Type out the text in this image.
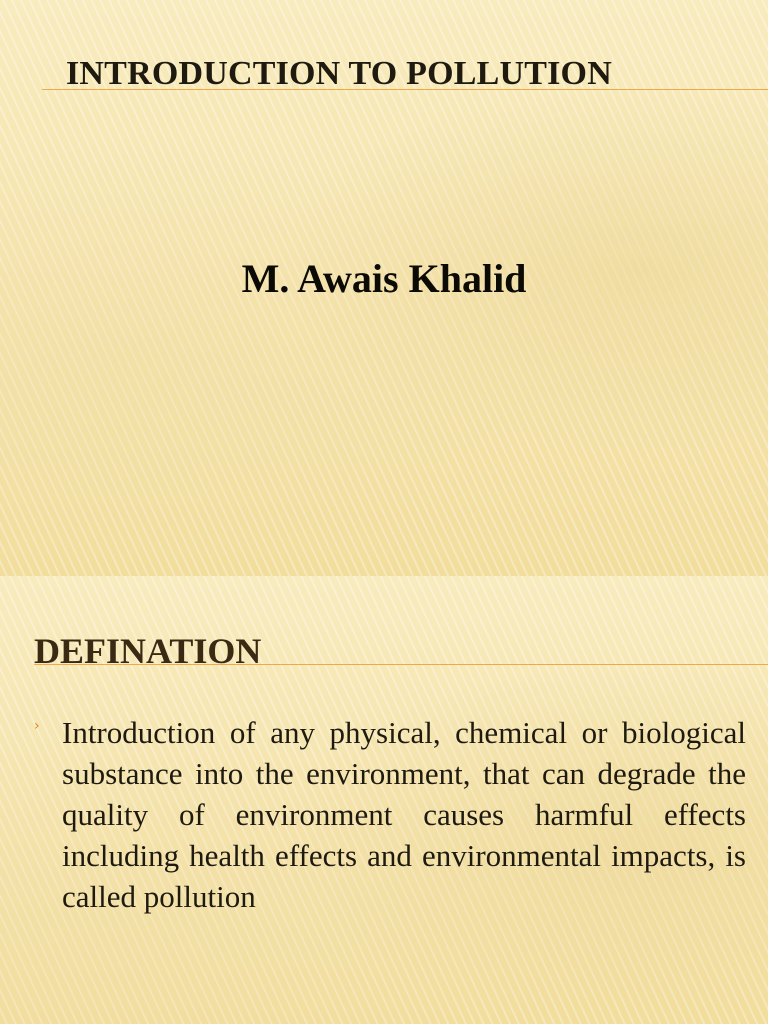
INTRODUCTION TO POLLUTION

M. Awais Khalid

DEFINATION
› Introduction of any physical, chemical or biological substance into the environment, that can degrade the quality of environment causes harmful effects including health effects and environmental impacts, is called pollution
